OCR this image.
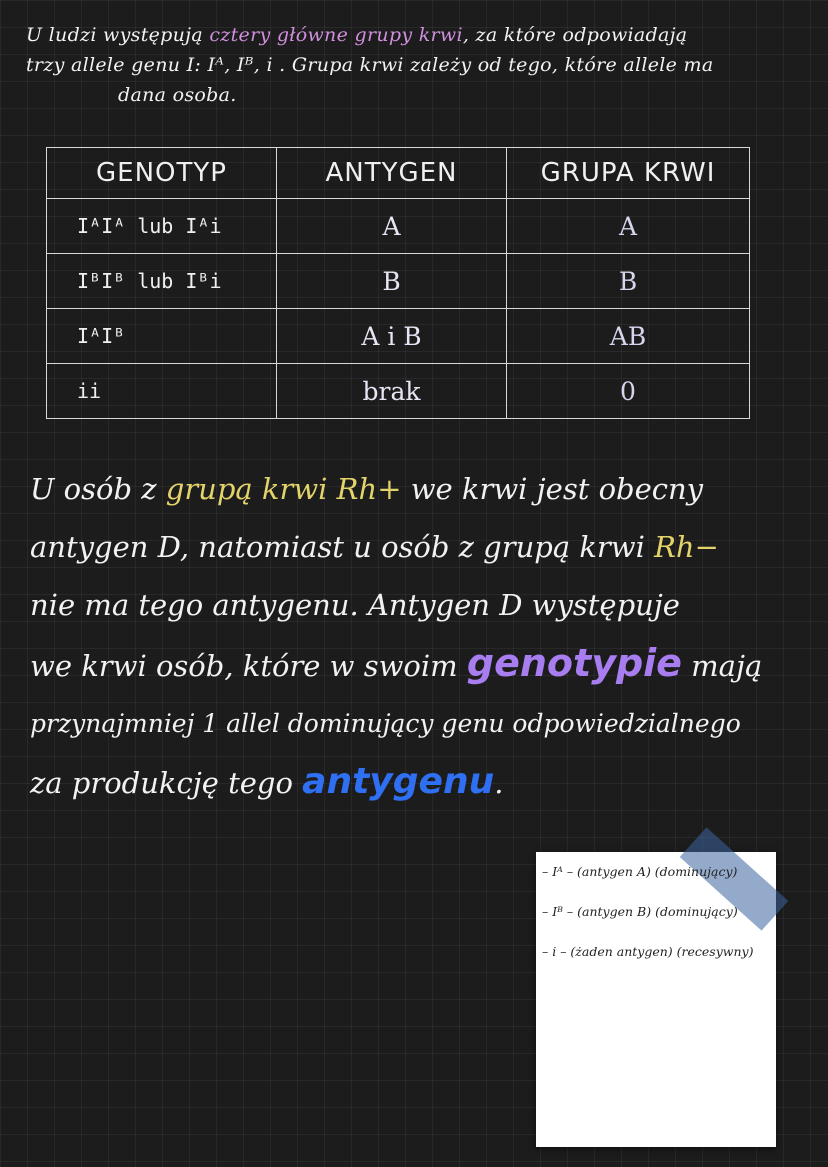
U ludzi występują cztery główne grupy krwi, za które odpowiadają
trzy allele genu I: Iᴬ, Iᴮ, i . Grupa krwi zależy od tego, które allele ma
dana osoba.
GENOTYP	ANTYGEN	GRUPA KRWI
IᴬIᴬ lub Iᴬi	A	A
IᴮIᴮ lub Iᴮi	B	B
IᴬIᴮ	A i B	AB
ii	brak	0
U osób z grupą krwi Rh+ we krwi jest obecny
antygen D, natomiast u osób z grupą krwi Rh−
nie ma tego antygenu. Antygen D występuje
we krwi osób, które w swoim genotypie mają
przynajmniej 1 allel dominujący genu odpowiedzialnego
za produkcję tego antygenu.
– Iᴬ – (antygen A) (dominujący)
– Iᴮ – (antygen B) (dominujący)
– i – (żaden antygen) (recesywny)
